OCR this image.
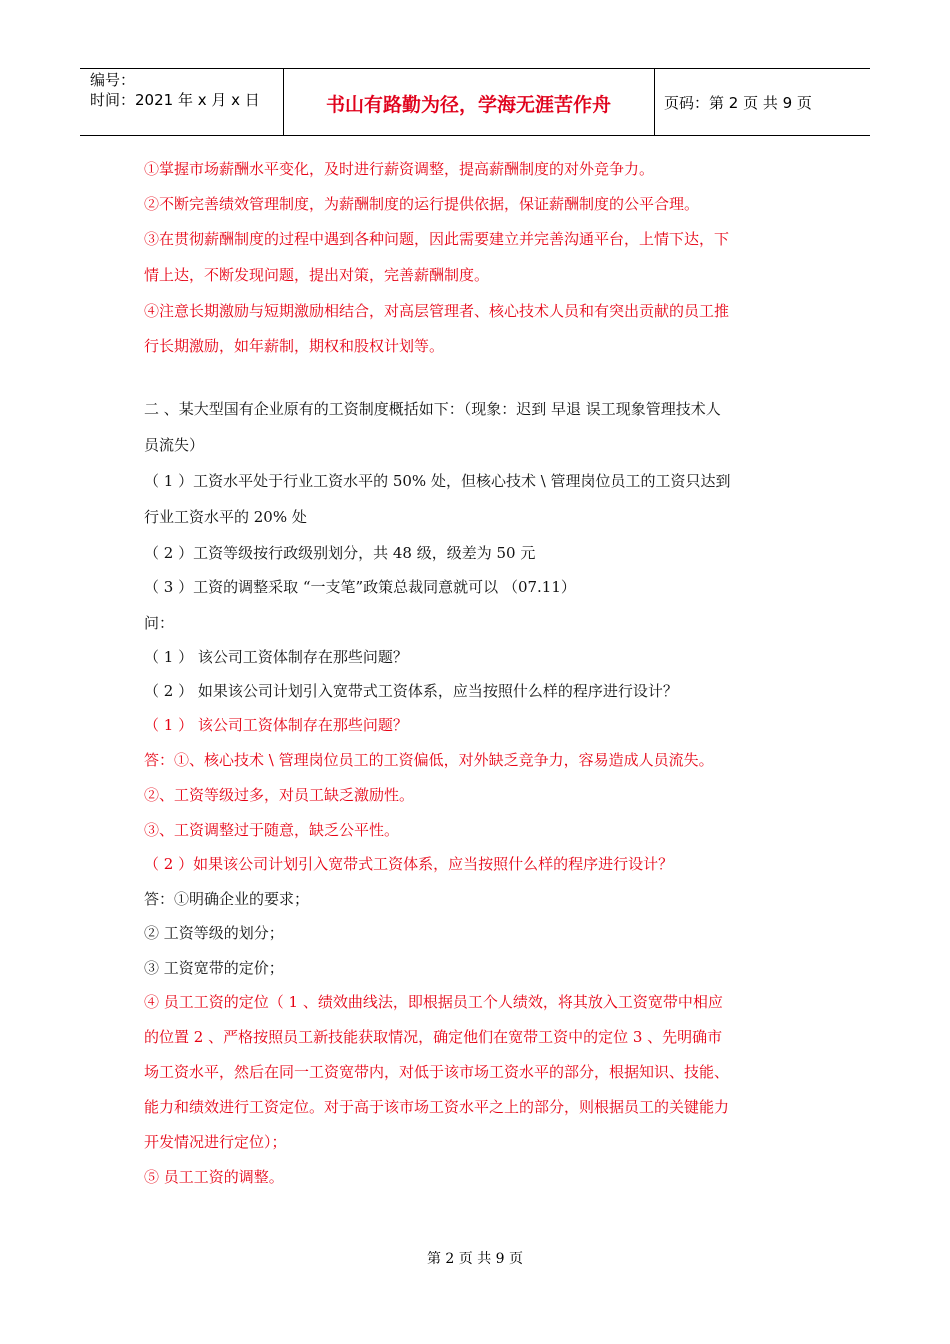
编号：
时间：2021 年 x 月 x 日	书山有路勤为径，学海无涯苦作舟	页码：第 2 页 共 9 页
①掌握市场薪酬水平变化，及时进行薪资调整，提高薪酬制度的对外竞争力。
②不断完善绩效管理制度，为薪酬制度的运行提供依据，保证薪酬制度的公平合理。
③在贯彻薪酬制度的过程中遇到各种问题，因此需要建立并完善沟通平台，上情下达，下
情上达，不断发现问题，提出对策，完善薪酬制度。
④注意长期激励与短期激励相结合，对高层管理者、核心技术人员和有突出贡献的员工推
行长期激励，如年薪制，期权和股权计划等。
二 、某大型国有企业原有的工资制度概括如下：（现象：迟到 早退 误工现象管理技术人
员流失）
（ 1 ）工资水平处于行业工资水平的 50% 处，但核心技术 \ 管理岗位员工的工资只达到
行业工资水平的 20% 处
（ 2 ）工资等级按行政级别划分，共 48 级，级差为 50 元
（ 3 ）工资的调整采取 “一支笔”政策总裁同意就可以 （07.11）
问：
（ 1 ） 该公司工资体制存在那些问题？
（ 2 ） 如果该公司计划引入宽带式工资体系，应当按照什么样的程序进行设计？
（ 1 ） 该公司工资体制存在那些问题？
答：①、核心技术 \ 管理岗位员工的工资偏低，对外缺乏竞争力，容易造成人员流失。
②、工资等级过多，对员工缺乏激励性。
③、工资调整过于随意，缺乏公平性。
（ 2 ）如果该公司计划引入宽带式工资体系，应当按照什么样的程序进行设计？
答：①明确企业的要求；
② 工资等级的划分；
③ 工资宽带的定价；
④ 员工工资的定位（ 1 、绩效曲线法，即根据员工个人绩效，将其放入工资宽带中相应
的位置 2 、严格按照员工新技能获取情况，确定他们在宽带工资中的定位 3 、先明确市
场工资水平，然后在同一工资宽带内，对低于该市场工资水平的部分，根据知识、技能、
能力和绩效进行工资定位。对于高于该市场工资水平之上的部分，则根据员工的关键能力
开发情况进行定位）；
⑤ 员工工资的调整。
第 2 页 共 9 页
